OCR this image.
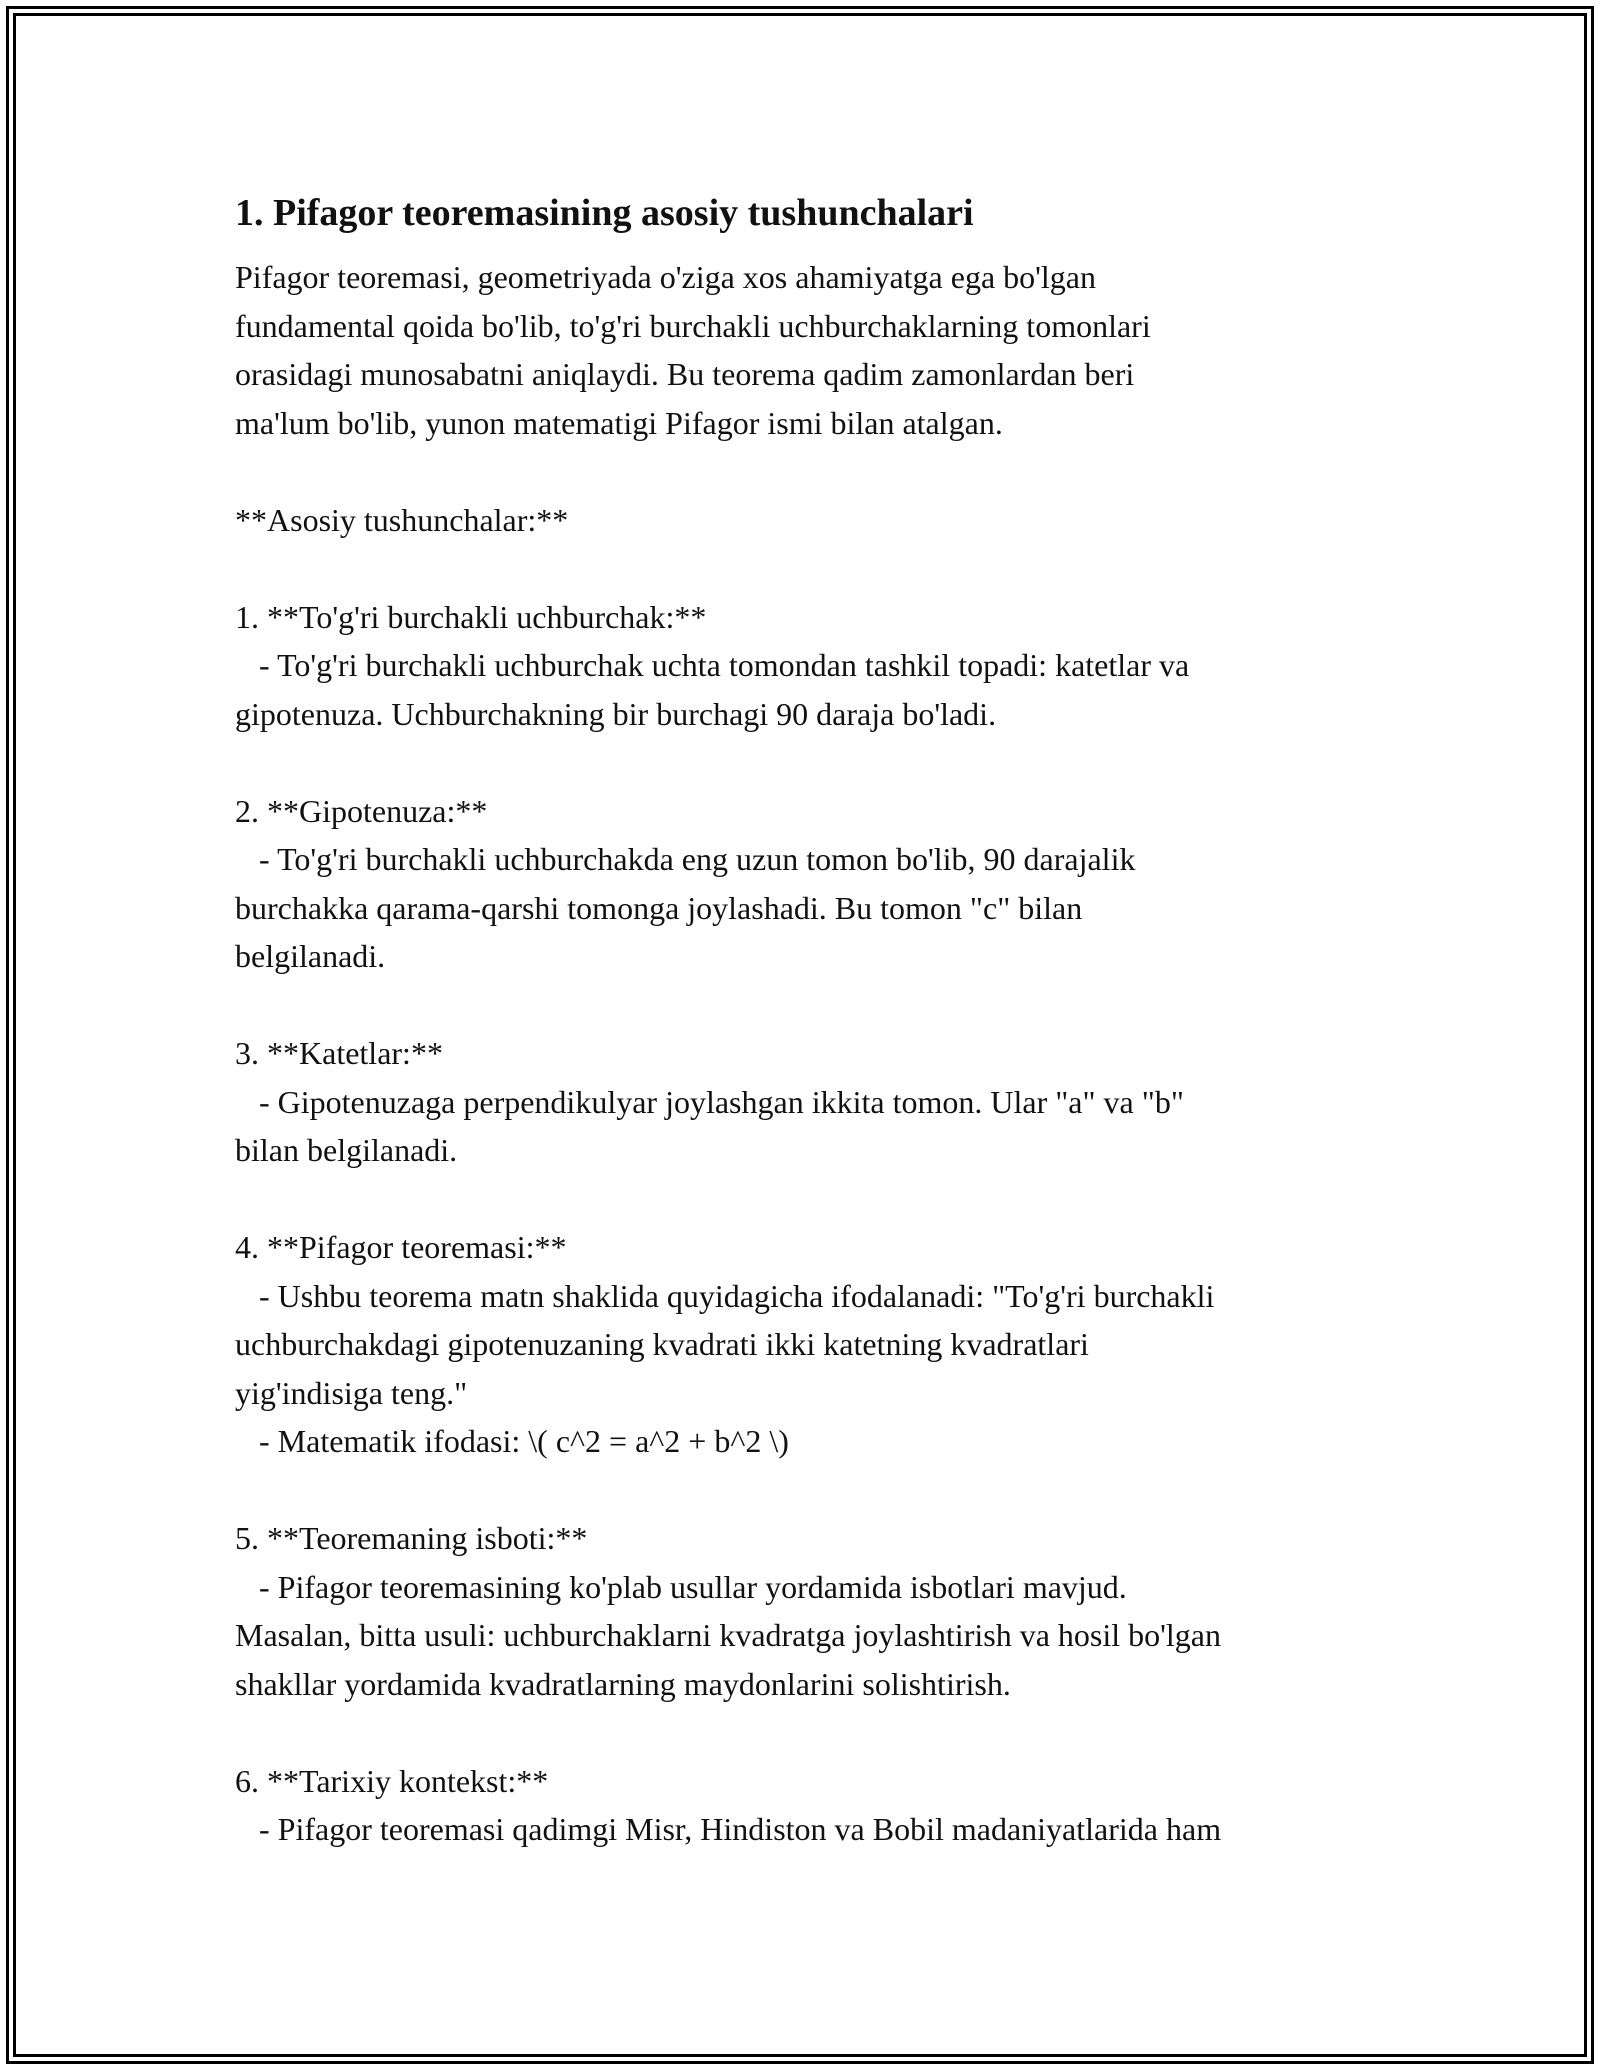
1. Pifagor teoremasining asosiy tushunchalari
Pifagor teoremasi, geometriyada o'ziga xos ahamiyatga ega bo'lgan
fundamental qoida bo'lib, to'g'ri burchakli uchburchaklarning tomonlari
orasidagi munosabatni aniqlaydi. Bu teorema qadim zamonlardan beri
ma'lum bo'lib, yunon matematigi Pifagor ismi bilan atalgan.
**Asosiy tushunchalar:**
1. **To'g'ri burchakli uchburchak:**
- To'g'ri burchakli uchburchak uchta tomondan tashkil topadi: katetlar va
gipotenuza. Uchburchakning bir burchagi 90 daraja bo'ladi.
2. **Gipotenuza:**
- To'g'ri burchakli uchburchakda eng uzun tomon bo'lib, 90 darajalik
burchakka qarama-qarshi tomonga joylashadi. Bu tomon "c" bilan
belgilanadi.
3. **Katetlar:**
- Gipotenuzaga perpendikulyar joylashgan ikkita tomon. Ular "a" va "b"
bilan belgilanadi.
4. **Pifagor teoremasi:**
- Ushbu teorema matn shaklida quyidagicha ifodalanadi: "To'g'ri burchakli
uchburchakdagi gipotenuzaning kvadrati ikki katetning kvadratlari
yig'indisiga teng."
- Matematik ifodasi: \( c^2 = a^2 + b^2 \)
5. **Teoremaning isboti:**
- Pifagor teoremasining ko'plab usullar yordamida isbotlari mavjud.
Masalan, bitta usuli: uchburchaklarni kvadratga joylashtirish va hosil bo'lgan
shakllar yordamida kvadratlarning maydonlarini solishtirish.
6. **Tarixiy kontekst:**
- Pifagor teoremasi qadimgi Misr, Hindiston va Bobil madaniyatlarida ham
